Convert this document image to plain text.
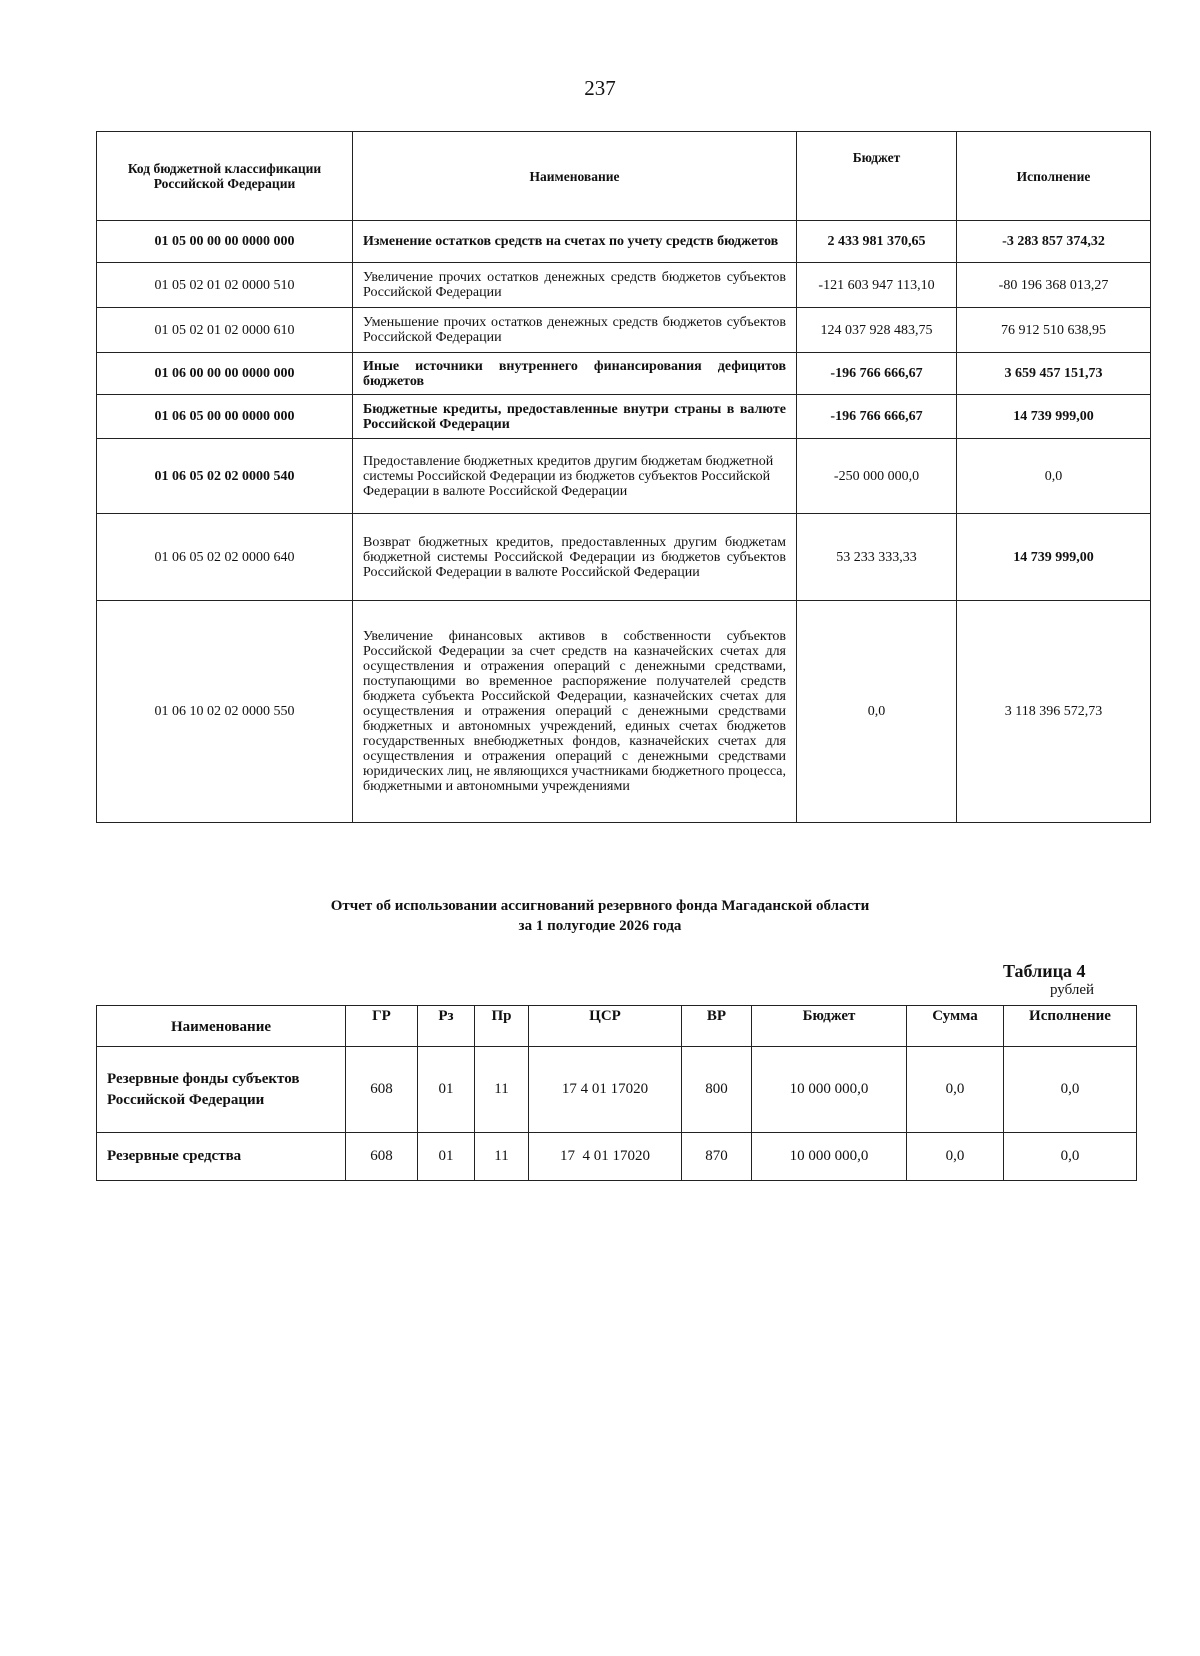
237
Код бюджетной классификации Российской Федерации	Наименование	Бюджет	Исполнение
01 05 00 00 00 0000 000	Изменение остатков средств на счетах по учету средств бюджетов	2 433 981 370,65	-3 283 857 374,32
01 05 02 01 02 0000 510	Увеличение прочих остатков денежных средств бюджетов субъектов Российской Федерации	-121 603 947 113,10	-80 196 368 013,27
01 05 02 01 02 0000 610	Уменьшение прочих остатков денежных средств бюджетов субъектов Российской Федерации	124 037 928 483,75	76 912 510 638,95
01 06 00 00 00 0000 000	Иные источники внутреннего финансирования дефицитов бюджетов	-196 766 666,67	3 659 457 151,73
01 06 05 00 00 0000 000	Бюджетные кредиты, предоставленные внутри страны в валюте Российской Федерации	-196 766 666,67	14 739 999,00
01 06 05 02 02 0000 540	Предоставление бюджетных кредитов другим бюджетам бюджетной системы Российской Федерации из бюджетов субъектов Российской Федерации в валюте Российской Федерации	-250 000 000,0	0,0
01 06 05 02 02 0000 640	Возврат бюджетных кредитов, предоставленных другим бюджетам бюджетной системы Российской Федерации из бюджетов субъектов Российской Федерации в валюте Российской Федерации	53 233 333,33	14 739 999,00
01 06 10 02 02 0000 550	Увеличение финансовых активов в собственности субъектов Российской Федерации за счет средств на казначейских счетах для осуществления и отражения операций с денежными средствами, поступающими во временное распоряжение получателей средств бюджета субъекта Российской Федерации, казначейских счетах для осуществления и отражения операций с денежными средствами бюджетных и автономных учреждений, единых счетах бюджетов государственных внебюджетных фондов, казначейских счетах для осуществления и отражения операций с денежными средствами юридических лиц, не являющихся участниками бюджетного процесса, бюджетными и автономными учреждениями	0,0	3 118 396 572,73
Отчет об использовании ассигнований резервного фонда Магаданской области
за 1 полугодие 2026 года
Таблица 4
рублей
Наименование	ГР	Рз	Пр	ЦСР	ВР	Бюджет	Сумма	Исполнение
Резервные фонды субъектов Российской Федерации	608	01	11	17 4 01 17020	800	10 000 000,0	0,0	0,0
Резервные средства	608	01	11	17  4 01 17020	870	10 000 000,0	0,0	0,0
